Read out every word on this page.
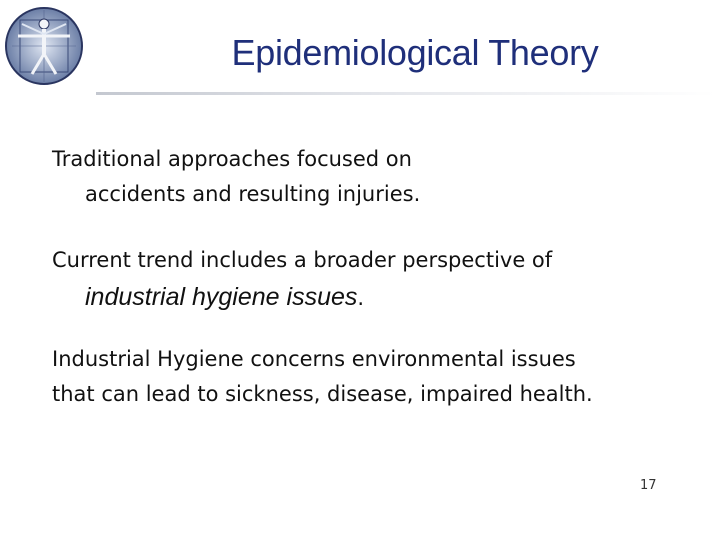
Epidemiological Theory
Traditional approaches focused on
accidents and resulting injuries.
Current trend includes a broader perspective of
industrial hygiene issues.
Industrial Hygiene concerns environmental issues
that can lead to sickness, disease, impaired health.
17
